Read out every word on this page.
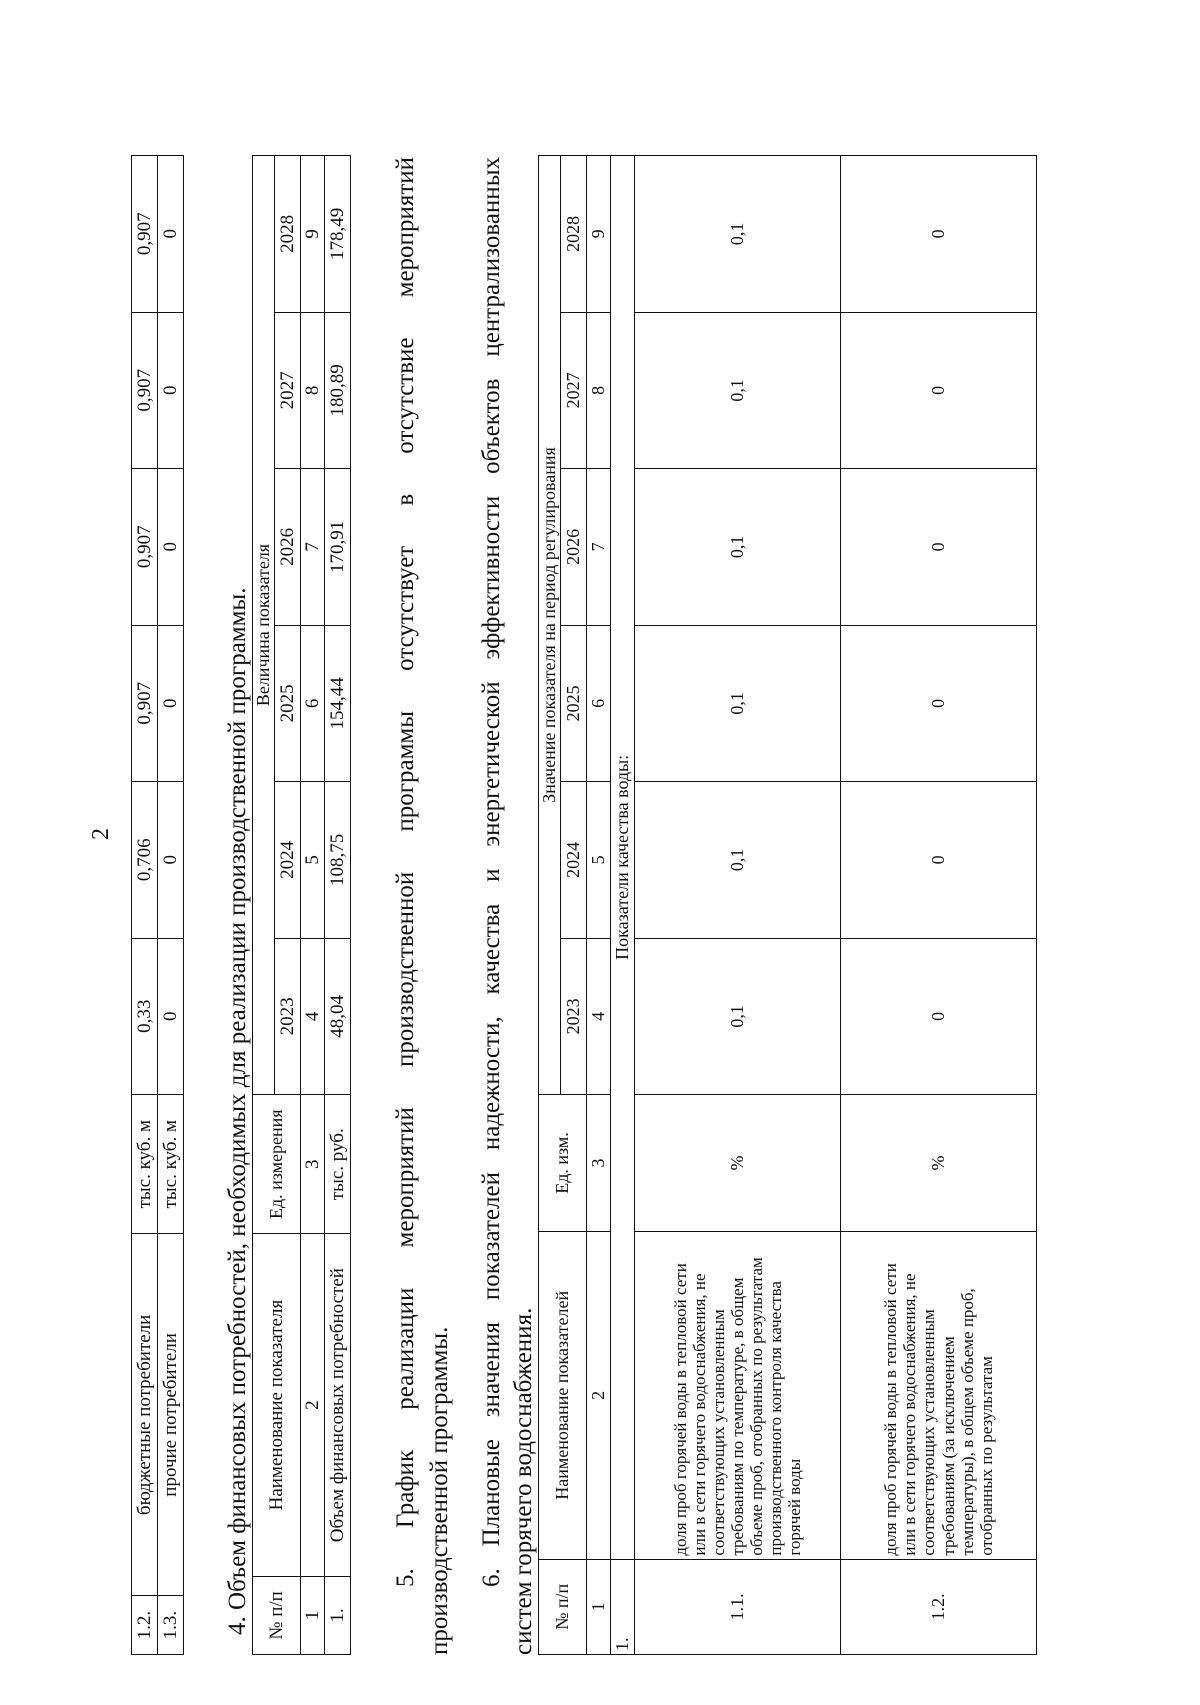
2
1.2.	бюджетные потребители	тыс. куб. м	0,33	0,706	0,907	0,907	0,907	0,907
1.3.	прочие потребители	тыс. куб. м	0	0	0	0	0	0
4. Объем финансовых потребностей, необходимых для реализации производственной программы. № п/п	Наименование показателя	Ед. измерения	Величина показателя					
			2023	2024	2025	2026	2027	2028
1	2	3	4	5	6	7	8	9
1.	Объем финансовых потребностей	тыс. руб.	48,04	108,75	154,44	170,91	180,89	178,49 5. График реализации мероприятий производственной программы отсутствует в отсутствие мероприятий производственной программы. 6. Плановые значения показателей надежности, качества и энергетической эффективности объектов централизованных систем горячего водоснабжения. № п/п	Наименование показателей	Ед. изм.	Значение показателя на период регулирования					
			2023	2024	2025	2026	2027	2028
1	2	3	4	5	6	7	8	9
1.	Показатели качества воды:							
1.1.	доля проб горячей воды в тепловой сети или в сети горячего водоснабжения, не соответствующих установленным требованиям по температуре, в общем объеме проб, отобранных по результатам производственного контроля качества горячей воды	%	0,1	0,1	0,1	0,1	0,1	0,1
1.2.	доля проб горячей воды в тепловой сети или в сети горячего водоснабжения, не соответствующих установленным требованиям (за исключением температуры), в общем объеме проб, отобранных по результатам	%	0	0	0	0	0	0
